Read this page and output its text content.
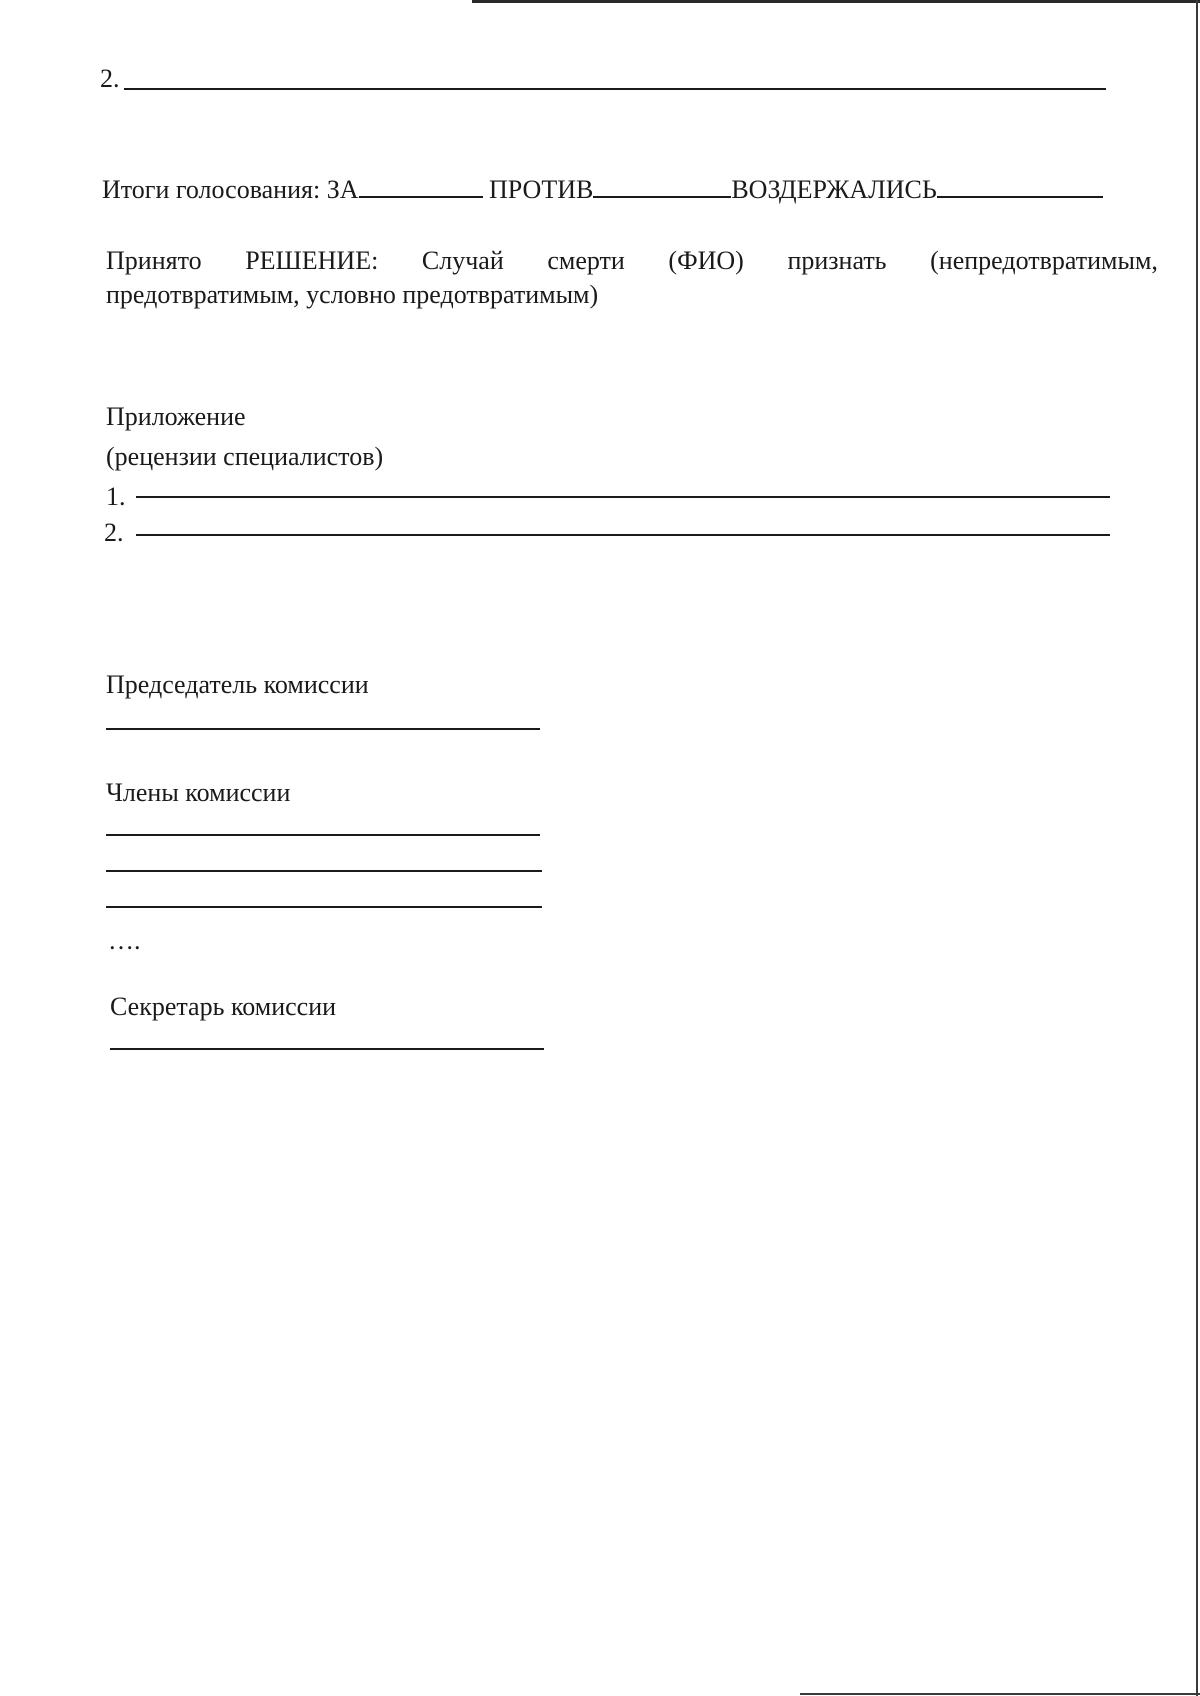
2.
Итоги голосования: ЗА	ПРОТИВ	ВОЗДЕРЖАЛИСЬ
Принято РЕШЕНИЕ: Случай смерти (ФИО) признать (непредотвратимым,
предотвратимым, условно предотвратимым)
Приложение
(рецензии специалистов)
1.
2.
Председатель комиссии
Члены комиссии
….
Секретарь комиссии
